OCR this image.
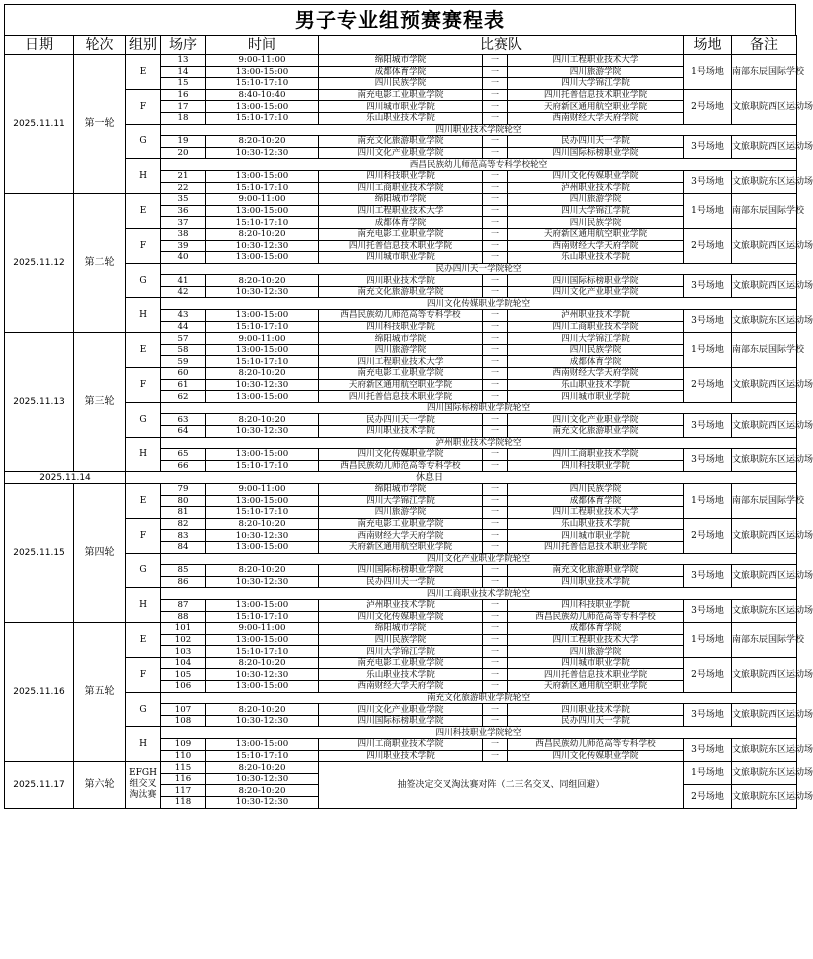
男子专业组预赛赛程表
日期	轮次	组别	场序	时间	比赛队			场地	备注
2025.11.11	第一轮	E	13	9:00-11:00	绵阳城市学院	一	四川工程职业技术大学	1号场地	南部东辰国际学校
			14	13:00-15:00	成都体育学院	一	四川旅游学院		
			15	15:10-17:10	四川民族学院	一	四川大学锦江学院		
		F	16	8:40-10:40	南充电影工业职业学院	一	四川托普信息技术职业学院	2号场地	文旅职院西区运动场
			17	13:00-15:00	四川城市职业学院	一	天府新区通用航空职业学院		
			18	15:10-17:10	乐山职业技术学院	一	西南财经大学天府学院		
		G	四川职业技术学院轮空						
			19	8:20-10:20	南充文化旅游职业学院	一	民办四川天一学院	3号场地	文旅职院西区运动场
			20	10:30-12:30	四川文化产业职业学院	一	四川国际标榜职业学院		
		H	西昌民族幼儿师范高等专科学校轮空						
			21	13:00-15:00	四川科技职业学院	一	四川文化传媒职业学院	3号场地	文旅职院东区运动场
			22	15:10-17:10	四川工商职业技术学院	一	泸州职业技术学院		
2025.11.12	第二轮	E	35	9:00-11:00	绵阳城市学院	一	四川旅游学院	1号场地	南部东辰国际学校
			36	13:00-15:00	四川工程职业技术大学	一	四川大学锦江学院		
			37	15:10-17:10	成都体育学院	一	四川民族学院		
		F	38	8:20-10:20	南充电影工业职业学院	一	天府新区通用航空职业学院	2号场地	文旅职院西区运动场
			39	10:30-12:30	四川托普信息技术职业学院	一	西南财经大学天府学院		
			40	13:00-15:00	四川城市职业学院	一	乐山职业技术学院		
		G	民办四川天一学院轮空						
			41	8:20-10:20	四川职业技术学院	一	四川国际标榜职业学院	3号场地	文旅职院西区运动场
			42	10:30-12:30	南充文化旅游职业学院	一	四川文化产业职业学院		
		H	四川文化传媒职业学院轮空						
			43	13:00-15:00	西昌民族幼儿师范高等专科学校	一	泸州职业技术学院	3号场地	文旅职院东区运动场
			44	15:10-17:10	四川科技职业学院	一	四川工商职业技术学院		
2025.11.13	第三轮	E	57	9:00-11:00	绵阳城市学院	一	四川大学锦江学院	1号场地	南部东辰国际学校
			58	13:00-15:00	四川旅游学院	一	四川民族学院		
			59	15:10-17:10	四川工程职业技术大学	一	成都体育学院		
		F	60	8:20-10:20	南充电影工业职业学院	一	西南财经大学天府学院	2号场地	文旅职院西区运动场
			61	10:30-12:30	天府新区通用航空职业学院	一	乐山职业技术学院		
			62	13:00-15:00	四川托普信息技术职业学院	一	四川城市职业学院		
		G	四川国际标榜职业学院轮空						
			63	8:20-10:20	民办四川天一学院	一	四川文化产业职业学院	3号场地	文旅职院西区运动场
			64	10:30-12:30	四川职业技术学院	一	南充文化旅游职业学院		
		H	泸州职业技术学院轮空						
			65	13:00-15:00	四川文化传媒职业学院	一	四川工商职业技术学院	3号场地	文旅职院东区运动场
			66	15:10-17:10	西昌民族幼儿师范高等专科学校	一	四川科技职业学院		
2025.11.14		休息日							
2025.11.15	第四轮	E	79	9:00-11:00	绵阳城市学院	一	四川民族学院	1号场地	南部东辰国际学校
			80	13:00-15:00	四川大学锦江学院	一	成都体育学院		
			81	15:10-17:10	四川旅游学院	一	四川工程职业技术大学		
		F	82	8:20-10:20	南充电影工业职业学院	一	乐山职业技术学院	2号场地	文旅职院西区运动场
			83	10:30-12:30	西南财经大学天府学院	一	四川城市职业学院		
			84	13:00-15:00	天府新区通用航空职业学院	一	四川托普信息技术职业学院		
		G	四川文化产业职业学院轮空						
			85	8:20-10:20	四川国际标榜职业学院	一	南充文化旅游职业学院	3号场地	文旅职院西区运动场
			86	10:30-12:30	民办四川天一学院	一	四川职业技术学院		
		H	四川工商职业技术学院轮空						
			87	13:00-15:00	泸州职业技术学院	一	四川科技职业学院	3号场地	文旅职院东区运动场
			88	15:10-17:10	四川文化传媒职业学院	一	西昌民族幼儿师范高等专科学校		
2025.11.16	第五轮	E	101	9:00-11:00	绵阳城市学院	一	成都体育学院	1号场地	南部东辰国际学校
			102	13:00-15:00	四川民族学院	一	四川工程职业技术大学		
			103	15:10-17:10	四川大学锦江学院	一	四川旅游学院		
		F	104	8:20-10:20	南充电影工业职业学院	一	四川城市职业学院	2号场地	文旅职院西区运动场
			105	10:30-12:30	乐山职业技术学院	一	四川托普信息技术职业学院		
			106	13:00-15:00	西南财经大学天府学院	一	天府新区通用航空职业学院		
		G	南充文化旅游职业学院轮空						
			107	8:20-10:20	四川文化产业职业学院	一	四川职业技术学院	3号场地	文旅职院西区运动场
			108	10:30-12:30	四川国际标榜职业学院	一	民办四川天一学院		
		H	四川科技职业学院轮空						
			109	13:00-15:00	四川工商职业技术学院	一	西昌民族幼儿师范高等专科学校	3号场地	文旅职院东区运动场
			110	15:10-17:10	四川职业技术学院	一	四川文化传媒职业学院		
2025.11.17	第六轮	EFGH组交叉淘汰赛	115	8:20-10:20	抽签决定交叉淘汰赛对阵（二三名交叉、同组回避）			1号场地	文旅职院东区运动场
			116	10:30-12:30					
			117	8:20-10:20				2号场地	文旅职院东区运动场
			118	10:30-12:30					
